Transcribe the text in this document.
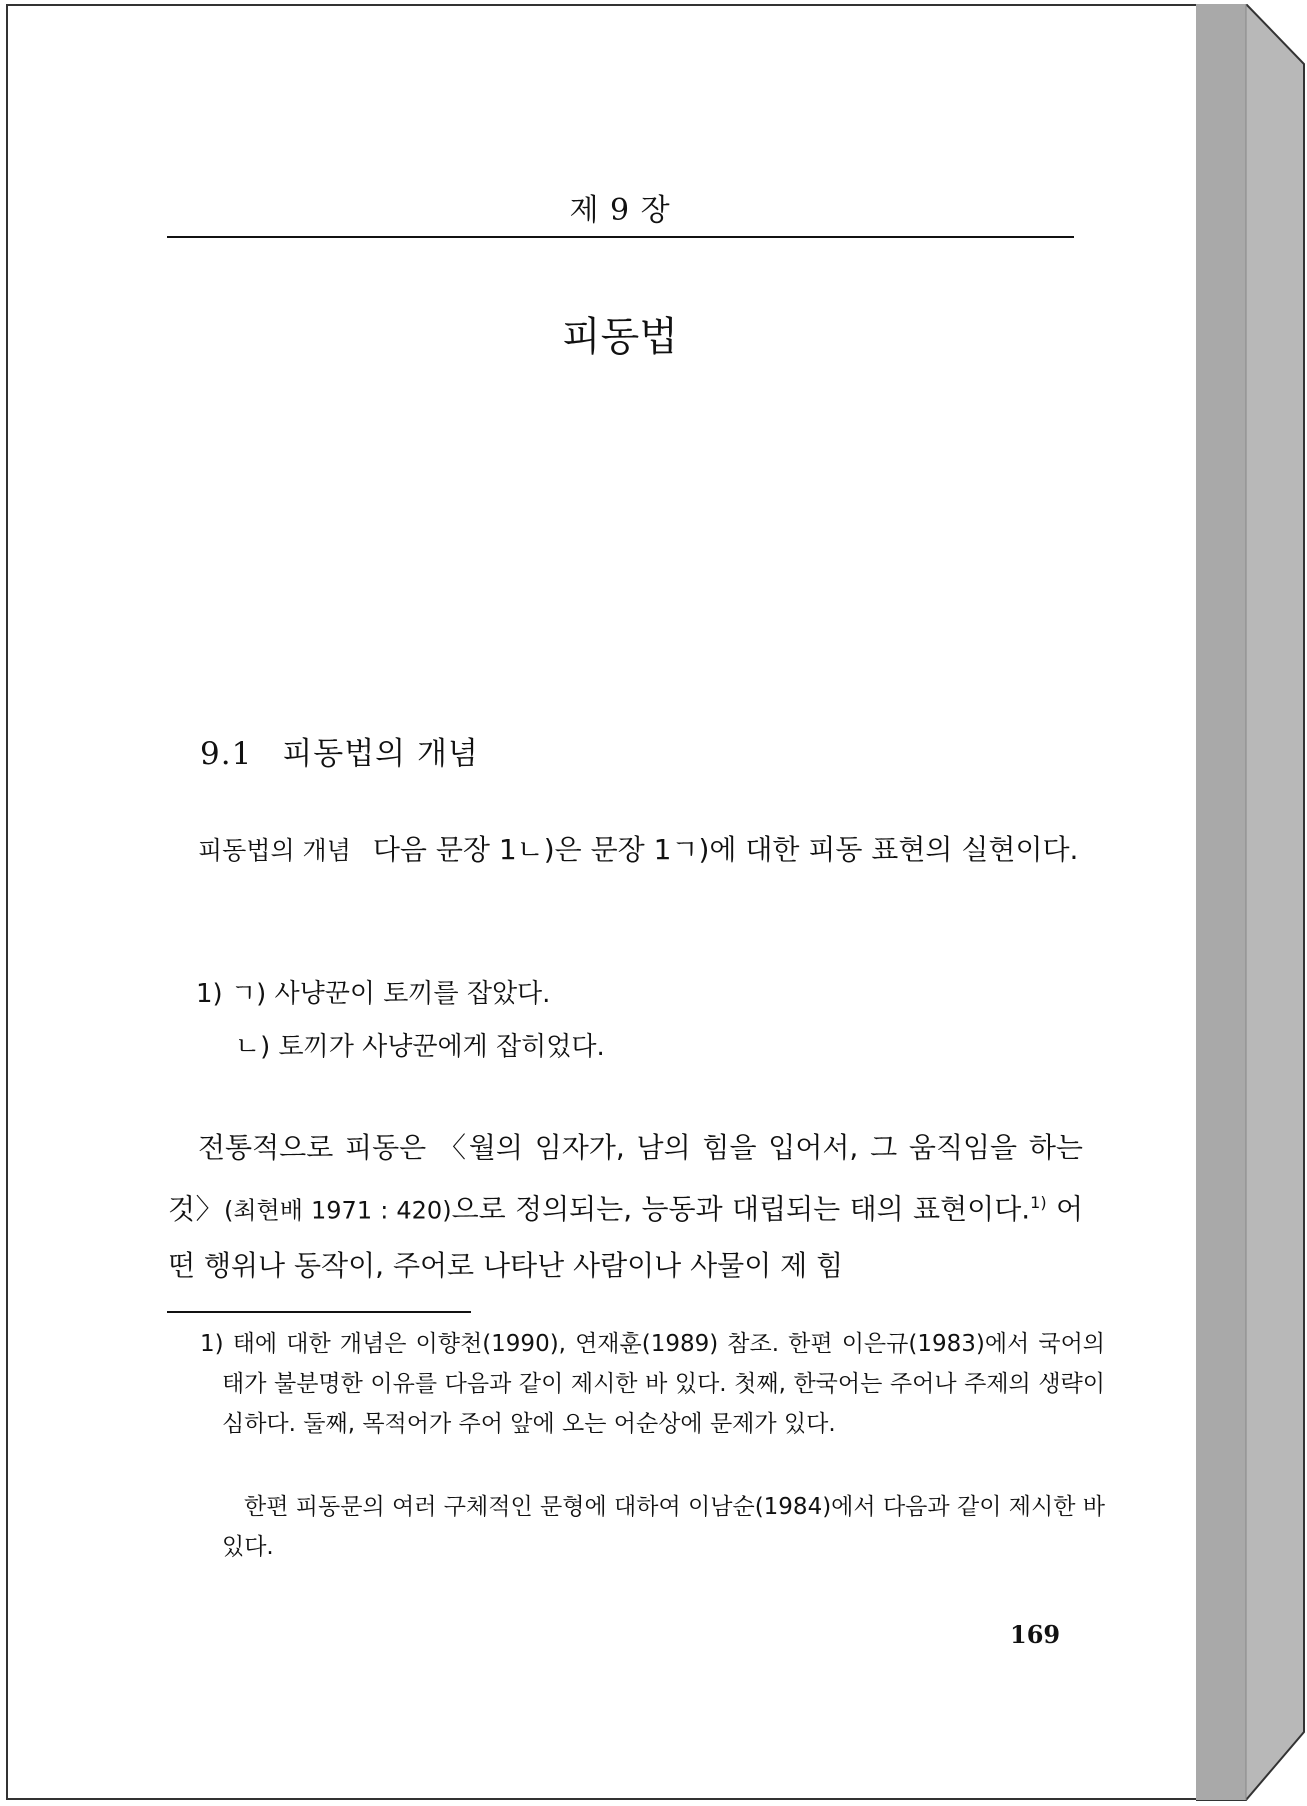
제 9 장
피동법
9.1 피동법의 개념
피동법의 개념 다음 문장 1ㄴ)은 문장 1ㄱ)에 대한 피동 표현의 실현이다.
1) ㄱ) 사냥꾼이 토끼를 잡았다.
ㄴ) 토끼가 사냥꾼에게 잡히었다.
전통적으로 피동은 〈월의 임자가, 남의 힘을 입어서, 그 움직임을 하는 것〉(최현배 1971 : 420)으로 정의되는, 능동과 대립되는 태의 표현이다.$^{1)}$ 어떤 행위나 동작이, 주어로 나타난 사람이나 사물이 제 힘
1) 태에 대한 개념은 이향천(1990), 연재훈(1989) 참조. 한편 이은규(1983)에서 국어의 태가 불분명한 이유를 다음과 같이 제시한 바 있다. 첫째, 한국어는 주어나 주제의 생략이 심하다. 둘째, 목적어가 주어 앞에 오는 어순상에 문제가 있다.
한편 피동문의 여러 구체적인 문형에 대하여 이남순(1984)에서 다음과 같이 제시한 바 있다.
169
